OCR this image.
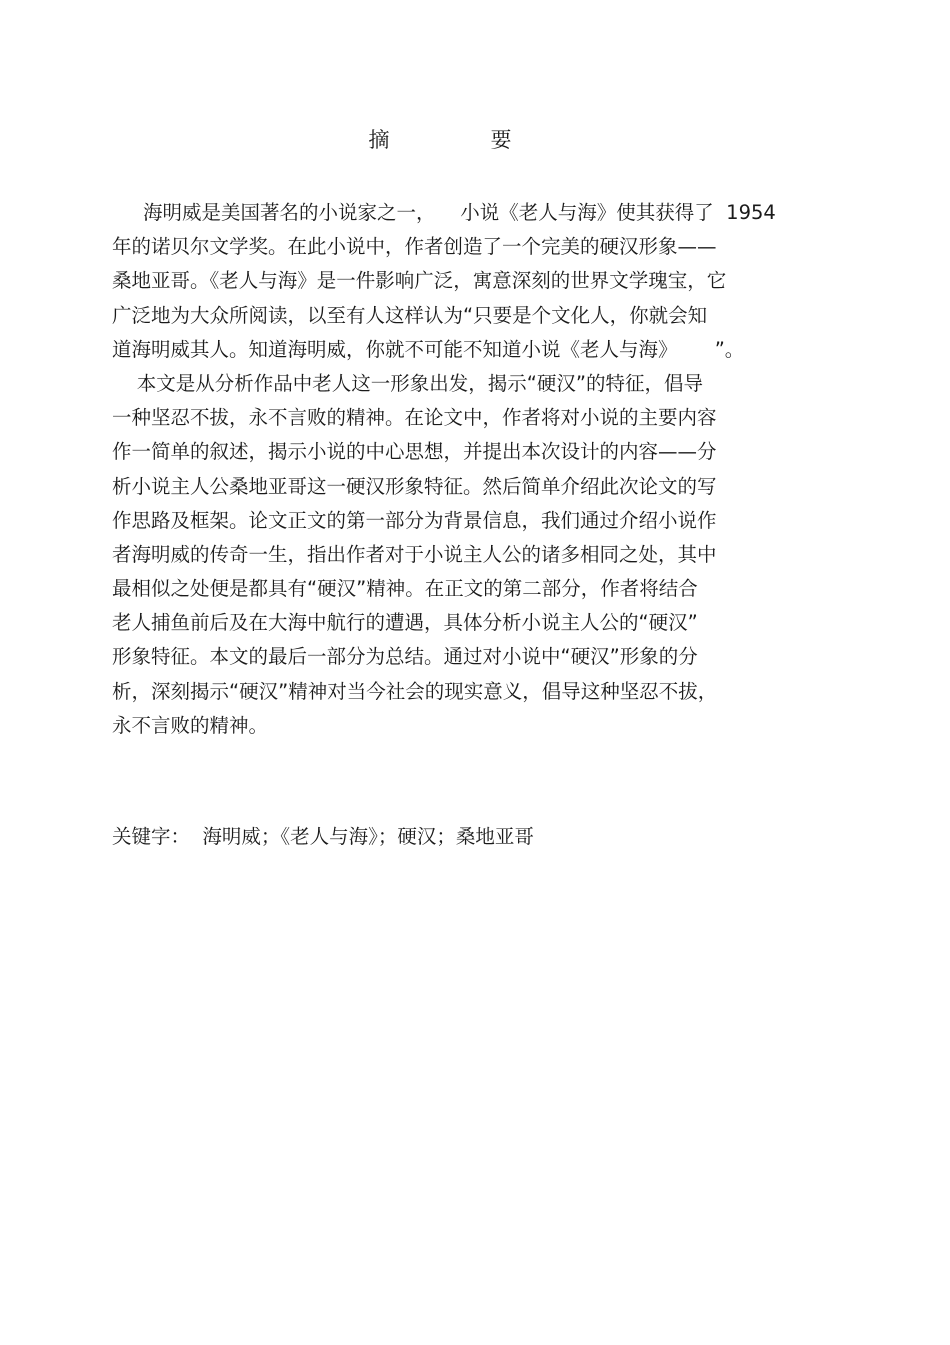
摘　要
海明威是美国著名的小说家之一，    小说《老人与海》使其获得了  1954
年的诺贝尔文学奖。在此小说中，作者创造了一个完美的硬汉形象——
桑地亚哥。《老人与海》是一件影响广泛，寓意深刻的世界文学瑰宝，它
广泛地为大众所阅读，以至有人这样认为“只要是个文化人，你就会知
道海明威其人。知道海明威，你就不可能不知道小说《老人与海》      ”。
本文是从分析作品中老人这一形象出发，揭示“硬汉”的特征，倡导
一种坚忍不拔，永不言败的精神。在论文中，作者将对小说的主要内容
作一简单的叙述，揭示小说的中心思想，并提出本次设计的内容——分
析小说主人公桑地亚哥这一硬汉形象特征。然后简单介绍此次论文的写
作思路及框架。论文正文的第一部分为背景信息，我们通过介绍小说作
者海明威的传奇一生，指出作者对于小说主人公的诸多相同之处，其中
最相似之处便是都具有“硬汉”精神。在正文的第二部分，作者将结合
老人捕鱼前后及在大海中航行的遭遇，具体分析小说主人公的“硬汉”
形象特征。本文的最后一部分为总结。通过对小说中“硬汉”形象的分
析，深刻揭示“硬汉”精神对当今社会的现实意义，倡导这种坚忍不拔，
永不言败的精神。
关键字：  海明威；《老人与海》；硬汉；桑地亚哥
